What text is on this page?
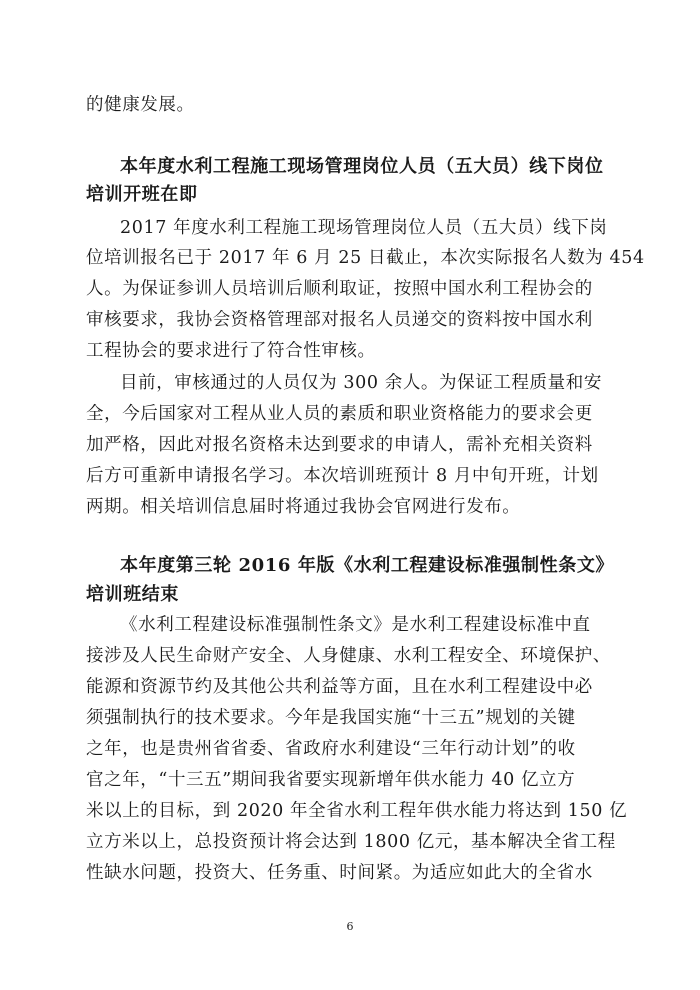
的健康发展。
本年度水利工程施工现场管理岗位人员（五大员）线下岗位
培训开班在即
2017 年度水利工程施工现场管理岗位人员（五大员）线下岗
位培训报名已于 2017 年 6 月 25 日截止，本次实际报名人数为 454
人。为保证参训人员培训后顺利取证，按照中国水利工程协会的
审核要求，我协会资格管理部对报名人员递交的资料按中国水利
工程协会的要求进行了符合性审核。
目前，审核通过的人员仅为 300 余人。为保证工程质量和安
全，今后国家对工程从业人员的素质和职业资格能力的要求会更
加严格，因此对报名资格未达到要求的申请人，需补充相关资料
后方可重新申请报名学习。本次培训班预计 8 月中旬开班，计划
两期。相关培训信息届时将通过我协会官网进行发布。
本年度第三轮 2016 年版《水利工程建设标准强制性条文》
培训班结束
《水利工程建设标准强制性条文》是水利工程建设标准中直
接涉及人民生命财产安全、人身健康、水利工程安全、环境保护、
能源和资源节约及其他公共利益等方面，且在水利工程建设中必
须强制执行的技术要求。今年是我国实施“十三五”规划的关键
之年，也是贵州省省委、省政府水利建设“三年行动计划”的收
官之年，“十三五”期间我省要实现新增年供水能力 40 亿立方
米以上的目标，到 2020 年全省水利工程年供水能力将达到 150 亿
立方米以上，总投资预计将会达到 1800 亿元，基本解决全省工程
性缺水问题，投资大、任务重、时间紧。为适应如此大的全省水
6
